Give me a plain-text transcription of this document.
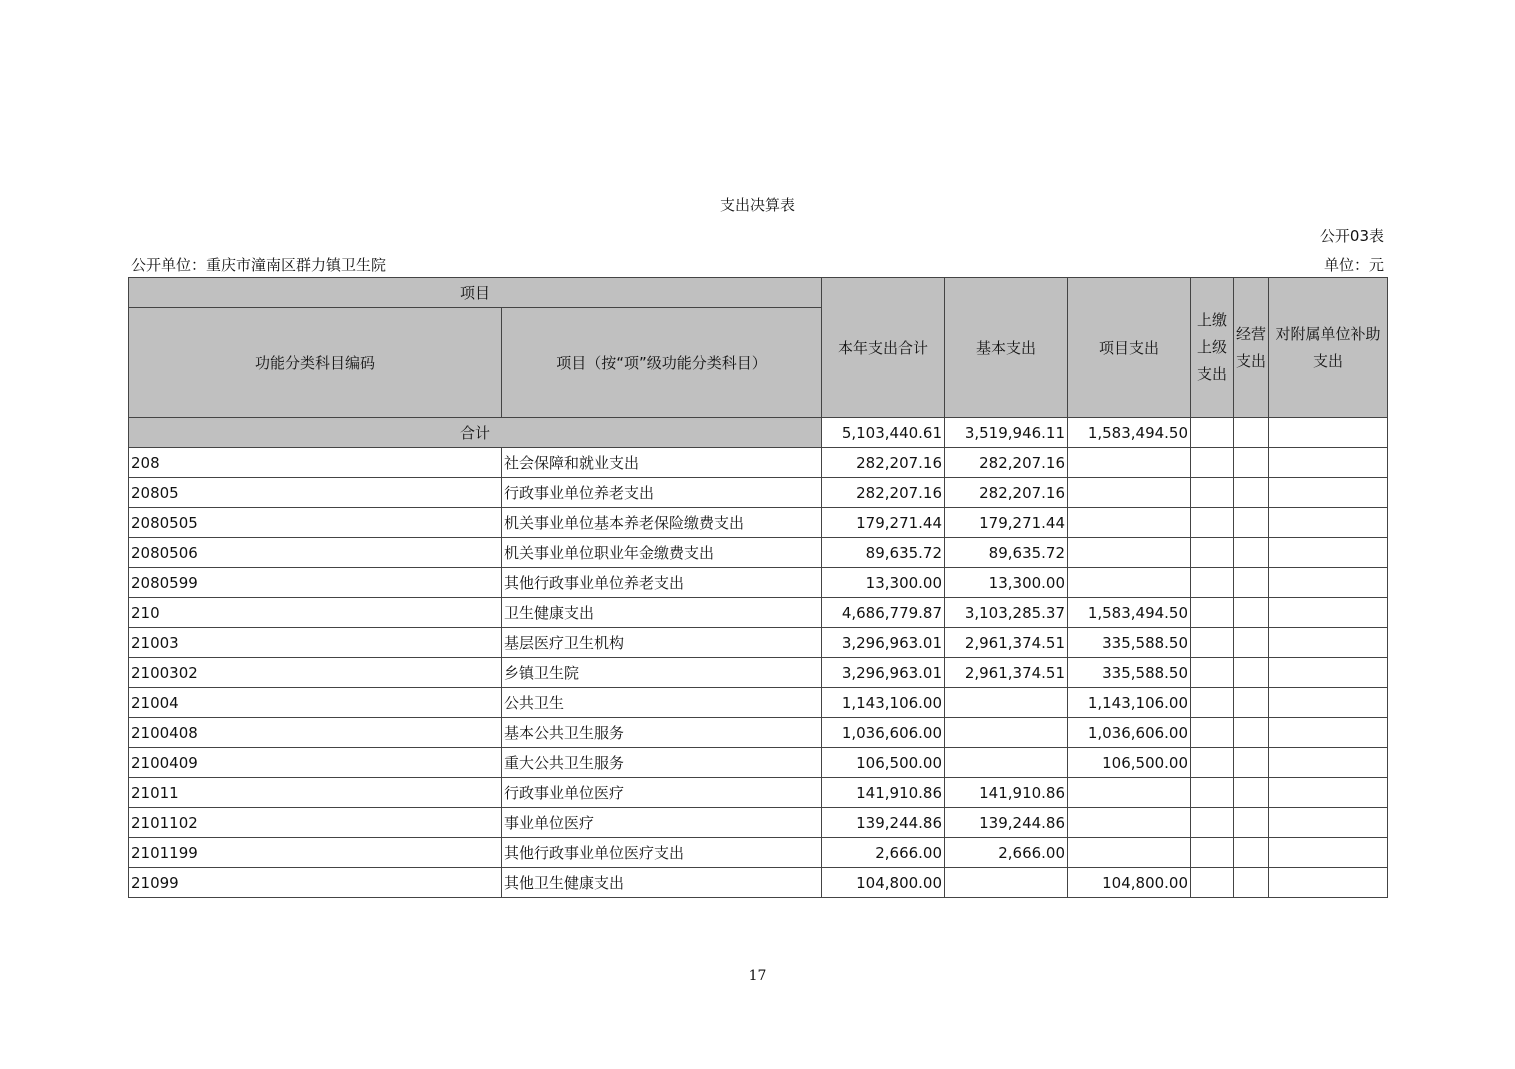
支出决算表
公开03表
公开单位：重庆市潼南区群力镇卫生院	单位：元
项目		本年支出合计	基本支出	项目支出	上缴上级支出	经营支出	对附属单位补助支出
功能分类科目编码	项目（按“项”级功能分类科目）						
合计		5,103,440.61	3,519,946.11	1,583,494.50			
208	社会保障和就业支出	282,207.16	282,207.16				
20805	行政事业单位养老支出	282,207.16	282,207.16				
2080505	机关事业单位基本养老保险缴费支出	179,271.44	179,271.44				
2080506	机关事业单位职业年金缴费支出	89,635.72	89,635.72				
2080599	其他行政事业单位养老支出	13,300.00	13,300.00				
210	卫生健康支出	4,686,779.87	3,103,285.37	1,583,494.50			
21003	基层医疗卫生机构	3,296,963.01	2,961,374.51	335,588.50			
2100302	乡镇卫生院	3,296,963.01	2,961,374.51	335,588.50			
21004	公共卫生	1,143,106.00		1,143,106.00			
2100408	基本公共卫生服务	1,036,606.00		1,036,606.00			
2100409	重大公共卫生服务	106,500.00		106,500.00			
21011	行政事业单位医疗	141,910.86	141,910.86				
2101102	事业单位医疗	139,244.86	139,244.86				
2101199	其他行政事业单位医疗支出	2,666.00	2,666.00				
21099	其他卫生健康支出	104,800.00		104,800.00			
17
